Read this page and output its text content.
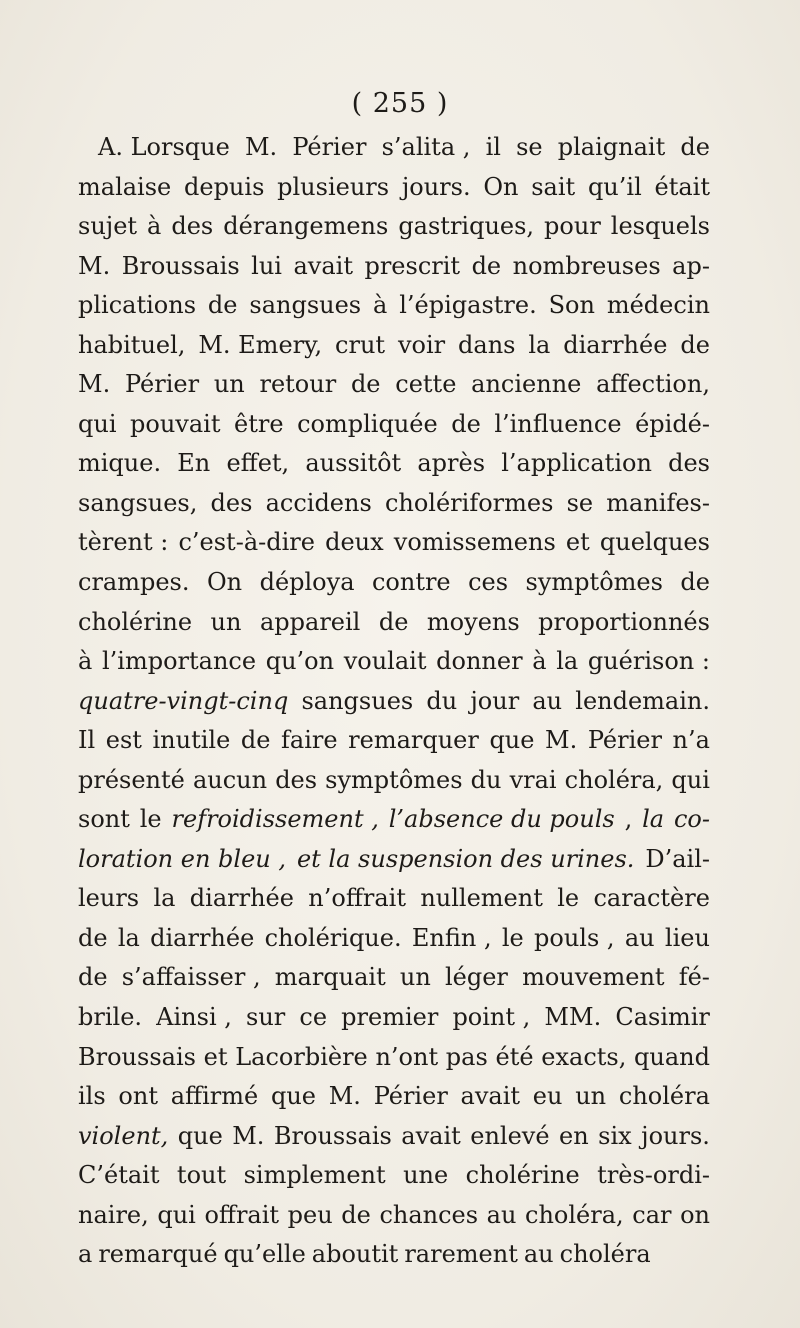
( 255 )
A. Lorsque M. Périer s’alita , il se plaignait de
malaise depuis plusieurs jours. On sait qu’il était
sujet à des dérangemens gastriques, pour lesquels
M. Broussais lui avait prescrit de nombreuses ap-
plications de sangsues à l’épigastre. Son médecin
habituel, M. Emery, crut voir dans la diarrhée de
M. Périer un retour de cette ancienne affection,
qui pouvait être compliquée de l’influence épidé-
mique. En effet, aussitôt après l’application des
sangsues, des accidens cholériformes se manifes-
tèrent : c’est-à-dire deux vomissemens et quelques
crampes. On déploya contre ces symptômes de
cholérine un appareil de moyens proportionnés
à l’importance qu’on voulait donner à la guérison :
quatre-vingt-cinq sangsues du jour au lendemain.
Il est inutile de faire remarquer que M. Périer n’a
présenté aucun des symptômes du vrai choléra, qui
sont le refroidissement , l’absence du pouls , la co-
loration en bleu , et la suspension des urines. D’ail-
leurs la diarrhée n’offrait nullement le caractère
de la diarrhée cholérique. Enfin , le pouls , au lieu
de s’affaisser , marquait un léger mouvement fé-
brile. Ainsi , sur ce premier point , MM. Casimir
Broussais et Lacorbière n’ont pas été exacts, quand
ils ont affirmé que M. Périer avait eu un choléra
violent, que M. Broussais avait enlevé en six jours.
C’était tout simplement une cholérine très-ordi-
naire, qui offrait peu de chances au choléra, car on
a remarqué qu’elle aboutit rarement au choléra
